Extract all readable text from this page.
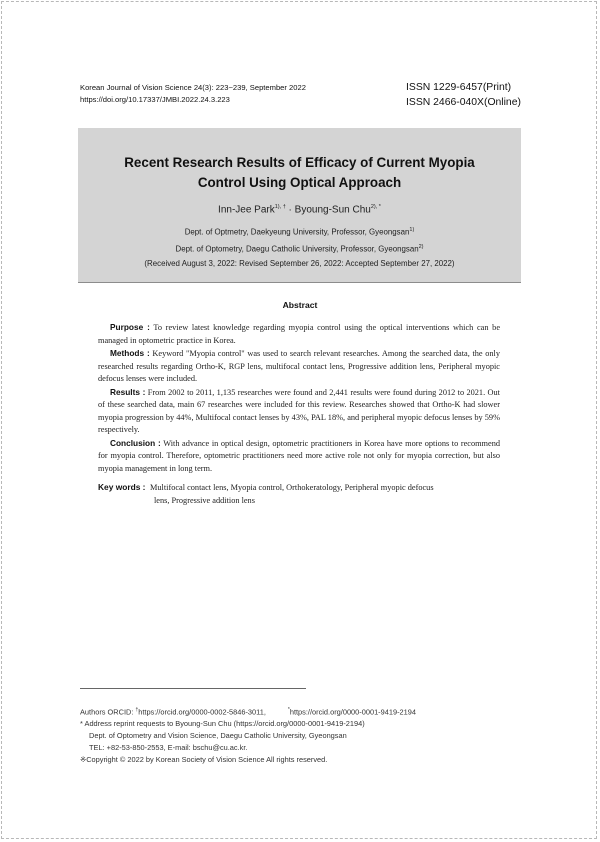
Korean Journal of Vision Science 24(3): 223~239, September 2022
https://doi.org/10.17337/JMBI.2022.24.3.223
ISSN 1229-6457(Print)
ISSN 2466-040X(Online)
Recent Research Results of Efficacy of Current Myopia
Control Using Optical Approach
Inn-Jee Park$^{1), \dagger}$ · Byoung-Sun Chu$^{2), *}$
Dept. of Optmetry, Daekyeung University, Professor, Gyeongsan$^{1)}$
Dept. of Optometry, Daegu Catholic University, Professor, Gyeongsan$^{2)}$
(Received August 3, 2022: Revised September 26, 2022: Accepted September 27, 2022)
Abstract

Purpose : To review latest knowledge regarding myopia control using the optical interventions which can be managed in optometric practice in Korea.

Methods : Keyword "Myopia control" was used to search relevant researches. Among the searched data, the only researched results regarding Ortho-K, RGP lens, multifocal contact lens, Progressive addition lens, Peripheral myopic defocus lenses were included.

Results : From 2002 to 2011, 1,135 researches were found and 2,441 results were found during 2012 to 2021. Out of these searched data, main 67 researches were included for this review. Researches showed that Ortho-K had slower myopia progression by 44%, Multifocal contact lenses by 43%, PAL 18%, and peripheral myopic defocus lenses by 59% respectively.

Conclusion : With advance in optical design, optometric practitioners in Korea have more options to recommend for myopia control. Therefore, optometric practitioners need more active role not only for myopia correction, but also myopia management in long term.

Key words : Multifocal contact lens, Myopia control, Orthokeratology, Peripheral myopic defocus
lens, Progressive addition lens
Authors ORCID: †https://orcid.org/0000-0002-5846-3011,	*https://orcid.org/0000-0001-9419-2194
* Address reprint requests to Byoung-Sun Chu (https://orcid.org/0000-0001-9419-2194)
Dept. of Optometry and Vision Science, Daegu Catholic University, Gyeongsan
TEL: +82-53-850-2553, E-mail: bschu@cu.ac.kr.
※Copyright © 2022 by Korean Society of Vision Science All rights reserved.
